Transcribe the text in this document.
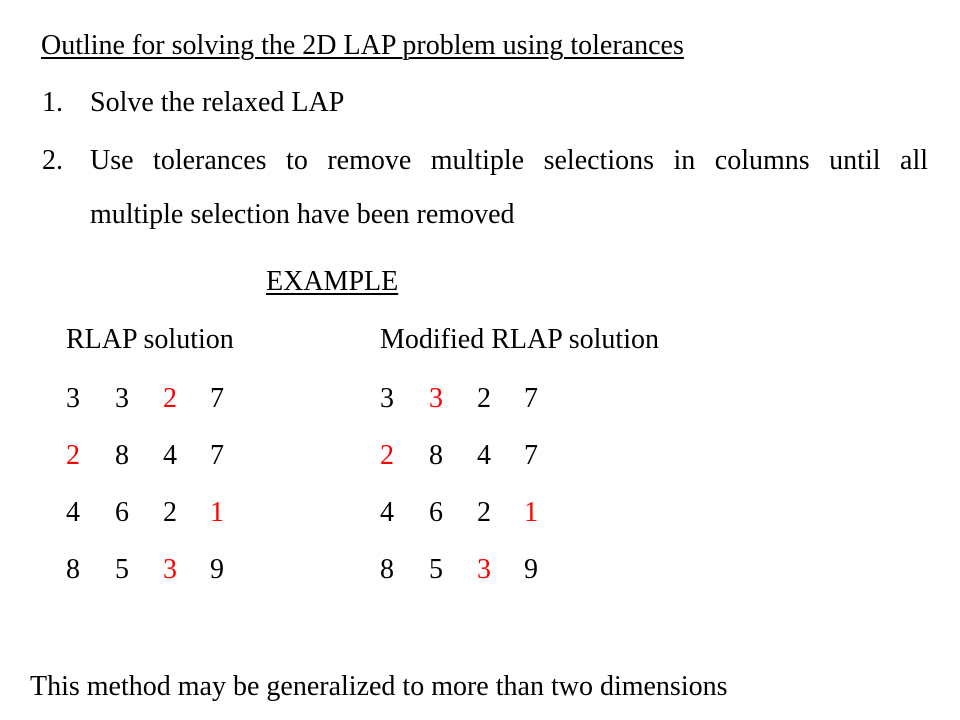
Outline for solving the 2D LAP problem using tolerances
1. Solve the relaxed LAP
2. Use tolerances to remove multiple selections in columns until all
multiple selection have been removed
EXAMPLE
RLAP solution	Modified RLAP solution
3 3 2 7
2 8 4 7
4 6 2 1
8 5 3 9
3 3 2 7
2 8 4 7
4 6 2 1
8 5 3 9
This method may be generalized to more than two dimensions
